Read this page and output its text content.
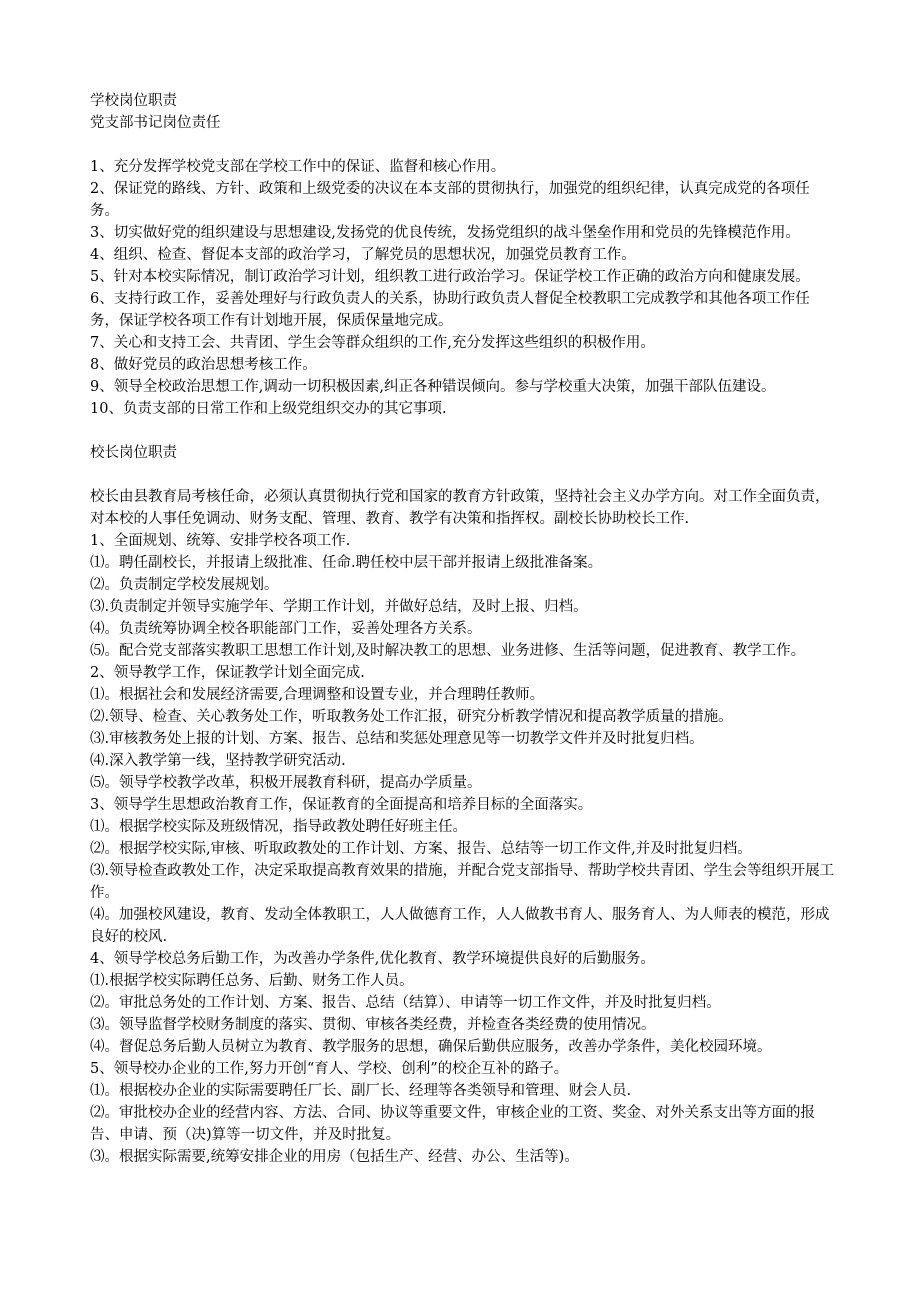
学校岗位职责
党支部书记岗位责任
1、充分发挥学校党支部在学校工作中的保证、监督和核心作用。
2、保证党的路线、方针、政策和上级党委的决议在本支部的贯彻执行，加强党的组织纪律，认真完成党的各项任务。
3、切实做好党的组织建设与思想建设,发扬党的优良传统，发扬党组织的战斗堡垒作用和党员的先锋模范作用。
4、组织、检查、督促本支部的政治学习，了解党员的思想状况，加强党员教育工作。
5、针对本校实际情况，制订政治学习计划，组织教工进行政治学习。保证学校工作正确的政治方向和健康发展。
6、支持行政工作，妥善处理好与行政负责人的关系，协助行政负责人督促全校教职工完成教学和其他各项工作任务，保证学校各项工作有计划地开展，保质保量地完成。
7、关心和支持工会、共青团、学生会等群众组织的工作,充分发挥这些组织的积极作用。
8、做好党员的政治思想考核工作。
9、领导全校政治思想工作,调动一切积极因素,纠正各种错误倾向。参与学校重大决策，加强干部队伍建设。
10、负责支部的日常工作和上级党组织交办的其它事项.
校长岗位职责
校长由县教育局考核任命，必须认真贯彻执行党和国家的教育方针政策，坚持社会主义办学方向。对工作全面负责，对本校的人事任免调动、财务支配、管理、教育、教学有决策和指挥权。副校长协助校长工作.
1、全面规划、统筹、安排学校各项工作.
⑴。聘任副校长，并报请上级批准、任命.聘任校中层干部并报请上级批准备案。
⑵。负责制定学校发展规划。
⑶.负责制定并领导实施学年、学期工作计划，并做好总结，及时上报、归档。
⑷。负责统筹协调全校各职能部门工作，妥善处理各方关系。
⑸。配合党支部落实教职工思想工作计划,及时解决教工的思想、业务进修、生活等问题，促进教育、教学工作。
2、领导教学工作，保证教学计划全面完成.
⑴。根据社会和发展经济需要,合理调整和设置专业，并合理聘任教师。
⑵.领导、检查、关心教务处工作，听取教务处工作汇报，研究分析教学情况和提高教学质量的措施。
⑶.审核教务处上报的计划、方案、报告、总结和奖惩处理意见等一切教学文件并及时批复归档。
⑷.深入教学第一线，坚持教学研究活动.
⑸。领导学校教学改革，积极开展教育科研，提高办学质量。
3、领导学生思想政治教育工作，保证教育的全面提高和培养目标的全面落实。
⑴。根据学校实际及班级情况，指导政教处聘任好班主任。
⑵。根据学校实际,审核、听取政教处的工作计划、方案、报告、总结等一切工作文件,并及时批复归档。
⑶.领导检查政教处工作，决定采取提高教育效果的措施，并配合党支部指导、帮助学校共青团、学生会等组织开展工作。
⑷。加强校风建设，教育、发动全体教职工，人人做德育工作，人人做教书育人、服务育人、为人师表的模范，形成良好的校风.
4、领导学校总务后勤工作，为改善办学条件,优化教育、教学环境提供良好的后勤服务。
⑴.根据学校实际聘任总务、后勤、财务工作人员。
⑵。审批总务处的工作计划、方案、报告、总结（结算）、申请等一切工作文件，并及时批复归档。
⑶。领导监督学校财务制度的落实、贯彻、审核各类经费，并检查各类经费的使用情况。
⑷。督促总务后勤人员树立为教育、教学服务的思想，确保后勤供应服务，改善办学条件，美化校园环境。
5、领导校办企业的工作,努力开创“育人、学校、创利”的校企互补的路子。
⑴。根据校办企业的实际需要聘任厂长、副厂长、经理等各类领导和管理、财会人员.
⑵。审批校办企业的经营内容、方法、合同、协议等重要文件，审核企业的工资、奖金、对外关系支出等方面的报告、申请、预（决)算等一切文件，并及时批复。
⑶。根据实际需要,统筹安排企业的用房（包括生产、经营、办公、生活等)。
